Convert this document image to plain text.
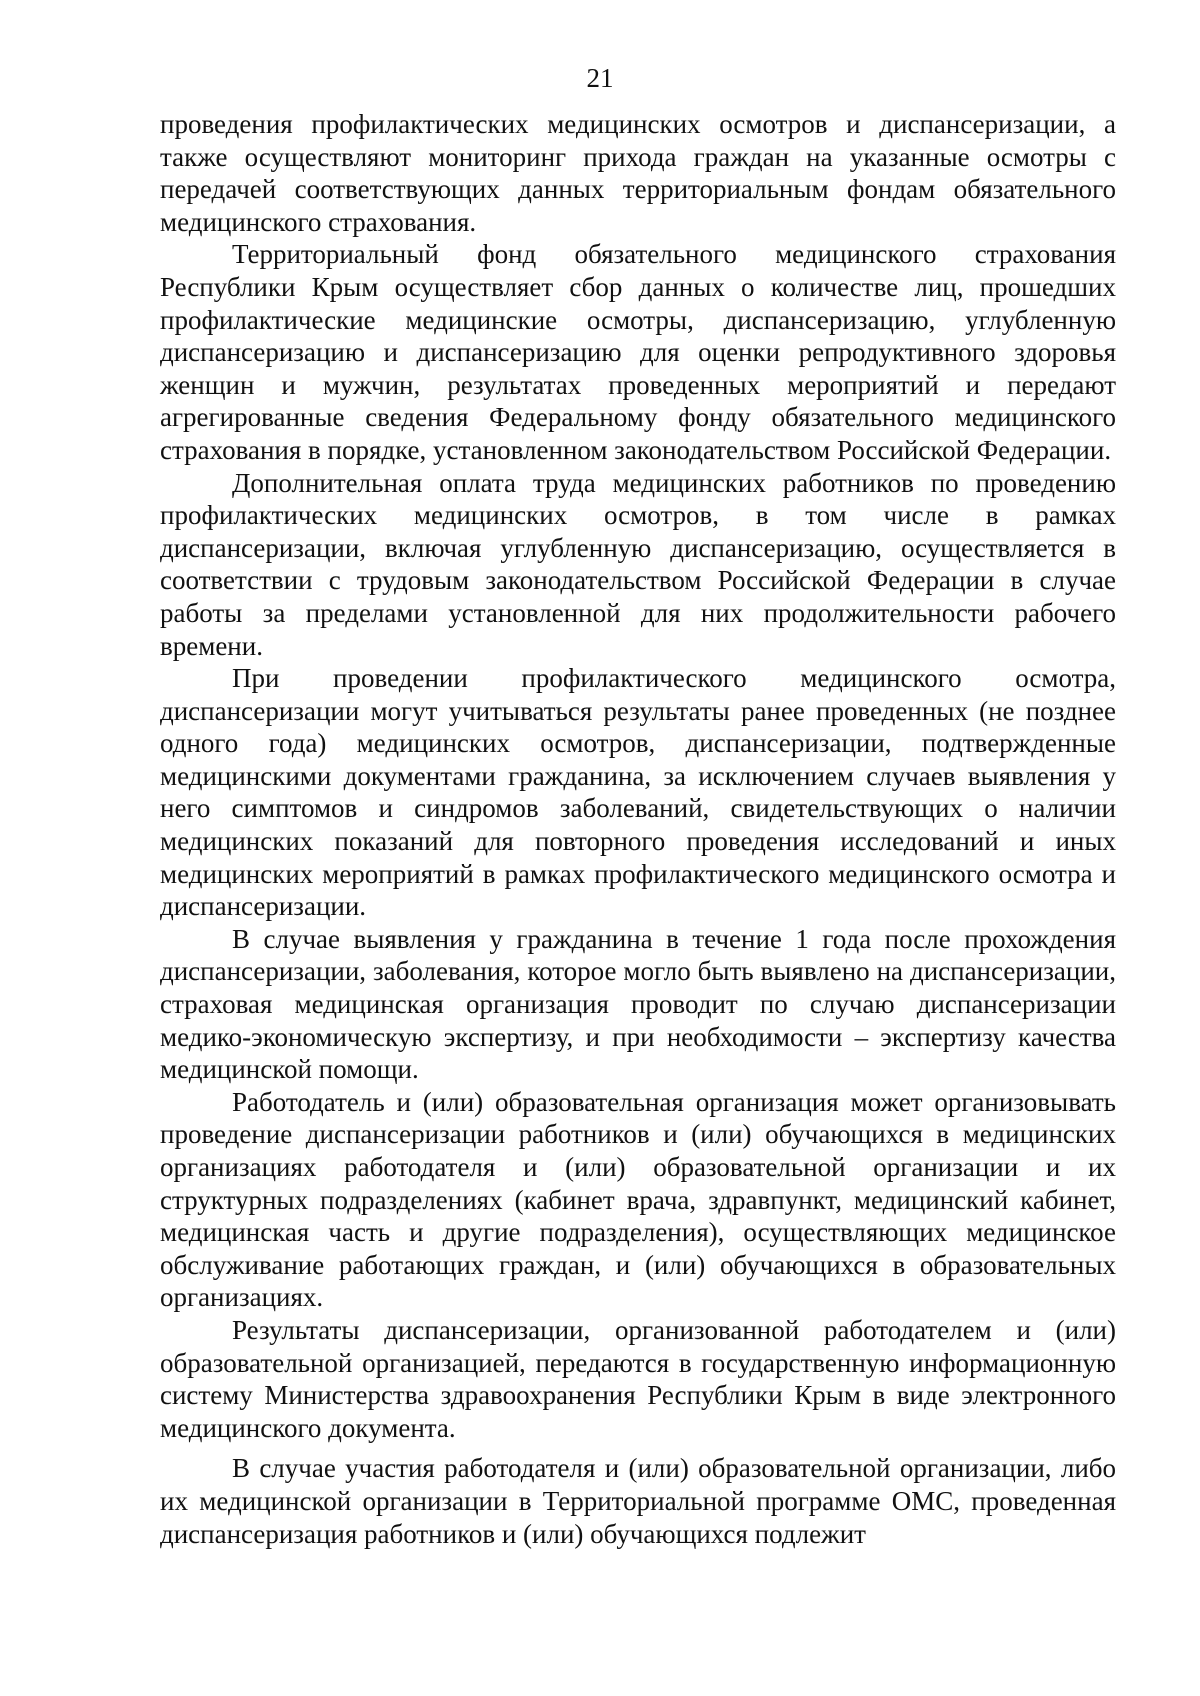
21

проведения профилактических медицинских осмотров и диспансеризации, а также осуществляют мониторинг прихода граждан на указанные осмотры с передачей соответствующих данных территориальным фондам обязательного медицинского страхования.

Территориальный фонд обязательного медицинского страхования Республики Крым осуществляет сбор данных о количестве лиц, прошедших профилактические медицинские осмотры, диспансеризацию, углубленную диспансеризацию и диспансеризацию для оценки репродуктивного здоровья женщин и мужчин, результатах проведенных мероприятий и передают агрегированные сведения Федеральному фонду обязательного медицинского страхования в порядке, установленном законодательством Российской Федерации.

Дополнительная оплата труда медицинских работников по проведению профилактических медицинских осмотров, в том числе в рамках диспансеризации, включая углубленную диспансеризацию, осуществляется в соответствии с трудовым законодательством Российской Федерации в случае работы за пределами установленной для них продолжительности рабочего времени.

При проведении профилактического медицинского осмотра, диспансеризации могут учитываться результаты ранее проведенных (не позднее одного года) медицинских осмотров, диспансеризации, подтвержденные медицинскими документами гражданина, за исключением случаев выявления у него симптомов и синдромов заболеваний, свидетельствующих о наличии медицинских показаний для повторного проведения исследований и иных медицинских мероприятий в рамках профилактического медицинского осмотра и диспансеризации.

В случае выявления у гражданина в течение 1 года после прохождения диспансеризации, заболевания, которое могло быть выявлено на диспансеризации, страховая медицинская организация проводит по случаю диспансеризации медико-экономическую экспертизу, и при необходимости – экспертизу качества медицинской помощи.

Работодатель и (или) образовательная организация может организовывать проведение диспансеризации работников и (или) обучающихся в медицинских организациях работодателя и (или) образовательной организации и их структурных подразделениях (кабинет врача, здравпункт, медицинский кабинет, медицинская часть и другие подразделения), осуществляющих медицинское обслуживание работающих граждан, и (или) обучающихся в образовательных организациях.

Результаты диспансеризации, организованной работодателем и (или) образовательной организацией, передаются в государственную информационную систему Министерства здравоохранения Республики Крым в виде электронного медицинского документа.

В случае участия работодателя и (или) образовательной организации, либо их медицинской организации в Территориальной программе ОМС, проведенная диспансеризация работников и (или) обучающихся подлежит
